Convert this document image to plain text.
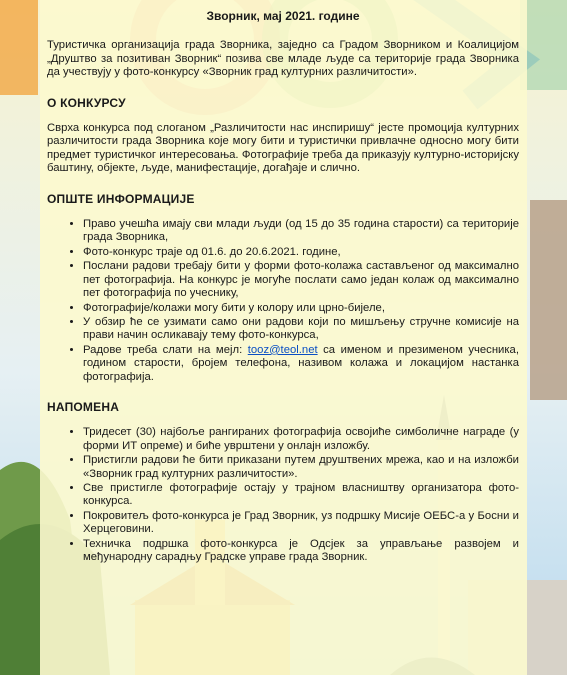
Зворник, мај 2021. године

Туристичка организација града Зворника, заједно са Градом Зворником и Коалицијом „Друштво за позитиван Зворник“ позива све младе људе са територије града Зворника да учествују у фото-конкурсу «Зворник град културних различитости».

О КОНКУРСУ

Сврха конкурса под слоганом „Различитости нас инспиришу“ јесте промоција културних различитости града Зворника које могу бити и туристички привлачне односно могу бити предмет туристичког интересовања. Фотографије треба да приказују културно-историјску баштину, објекте, људе, манифестације, догађаје и слично.

ОПШТЕ ИНФОРМАЦИЈЕ
• Право учешћа имају сви млади људи (од 15 до 35 година старости) са територије града Зворника,
• Фото-конкурс траје од 01.6. до 20.6.2021. године,
• Послани радови требају бити у форми фото-колажа састављеног од максимално пет фотографија. На конкурс је могуће послати само један колаж од максимално пет фотографија по учеснику,
• Фотографије/колажи могу бити у колору или црно-бијеле,
• У обзир ће се узимати само они радови који по мишљењу стручне комисије на прави начин осликавају тему фото-конкурса,
• Радове треба слати на мејл: tooz@teol.net са именом и презименом учесника, годином старости, бројем телефона, називом колажа и локацијом настанка фотографија.
НАПОМЕНА
• Тридесет (30) најбоље рангираних фотографија освојиће симболичне награде (у форми ИТ опреме) и биће уврштени у онлајн изложбу.
• Пристигли радови ће бити приказани путем друштвених мрежа, као и на изложби «Зворник град културних различитости».
• Све пристигле фотографије остају у трајном власништву организатора фото-конкурса.
• Покровитељ фото-конкурса је Град Зворник, уз подршку Мисије ОЕБС-а у Босни и Херцеговини.
• Техничка подршка фото-конкурса је Одсјек за управљање развојем и међународну сарадњу Градске управе града Зворник.
